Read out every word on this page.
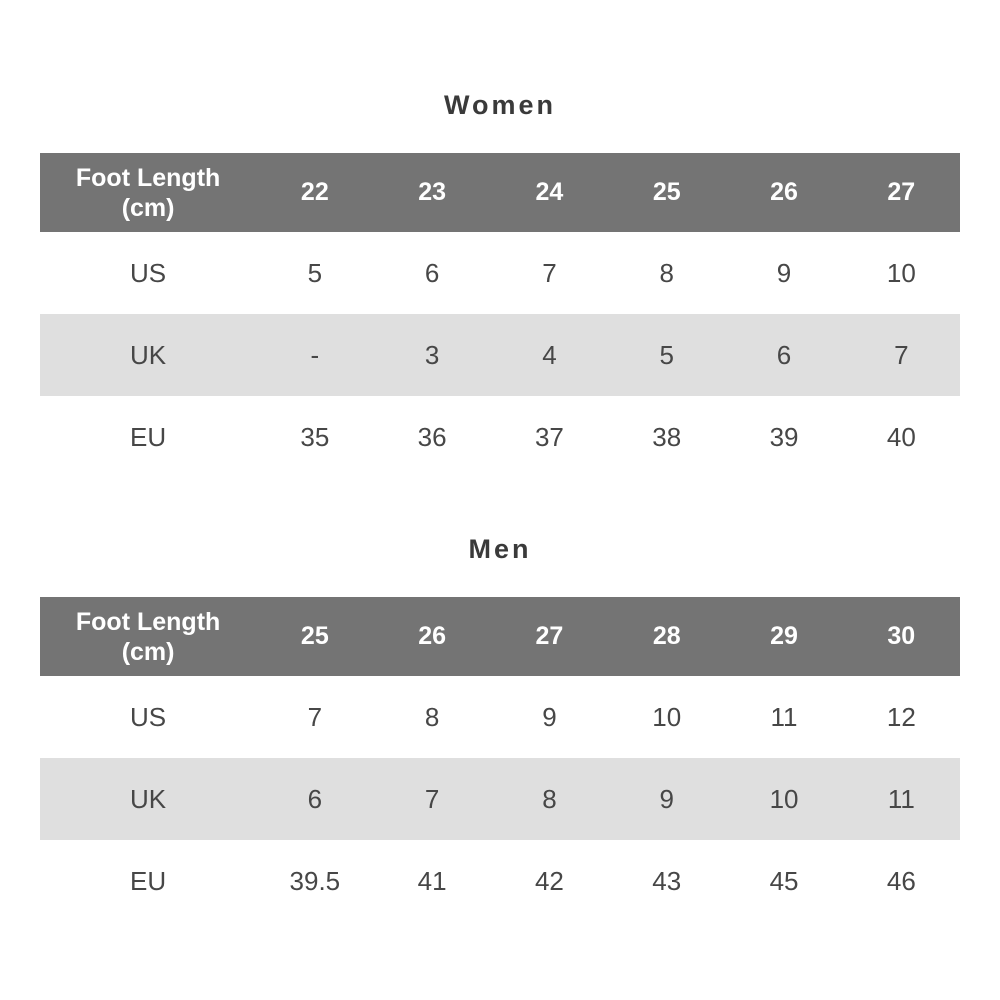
Women
Foot Length
(cm)
22	23	24	25	26	27
US	5	6	7	8	9	10
UK	-	3	4	5	6	7
EU	35	36	37	38	39	40
Men
Foot Length
(cm)
25	26	27	28	29	30
US	7	8	9	10	11	12
UK	6	7	8	9	10	11
EU	39.5	41	42	43	45	46
